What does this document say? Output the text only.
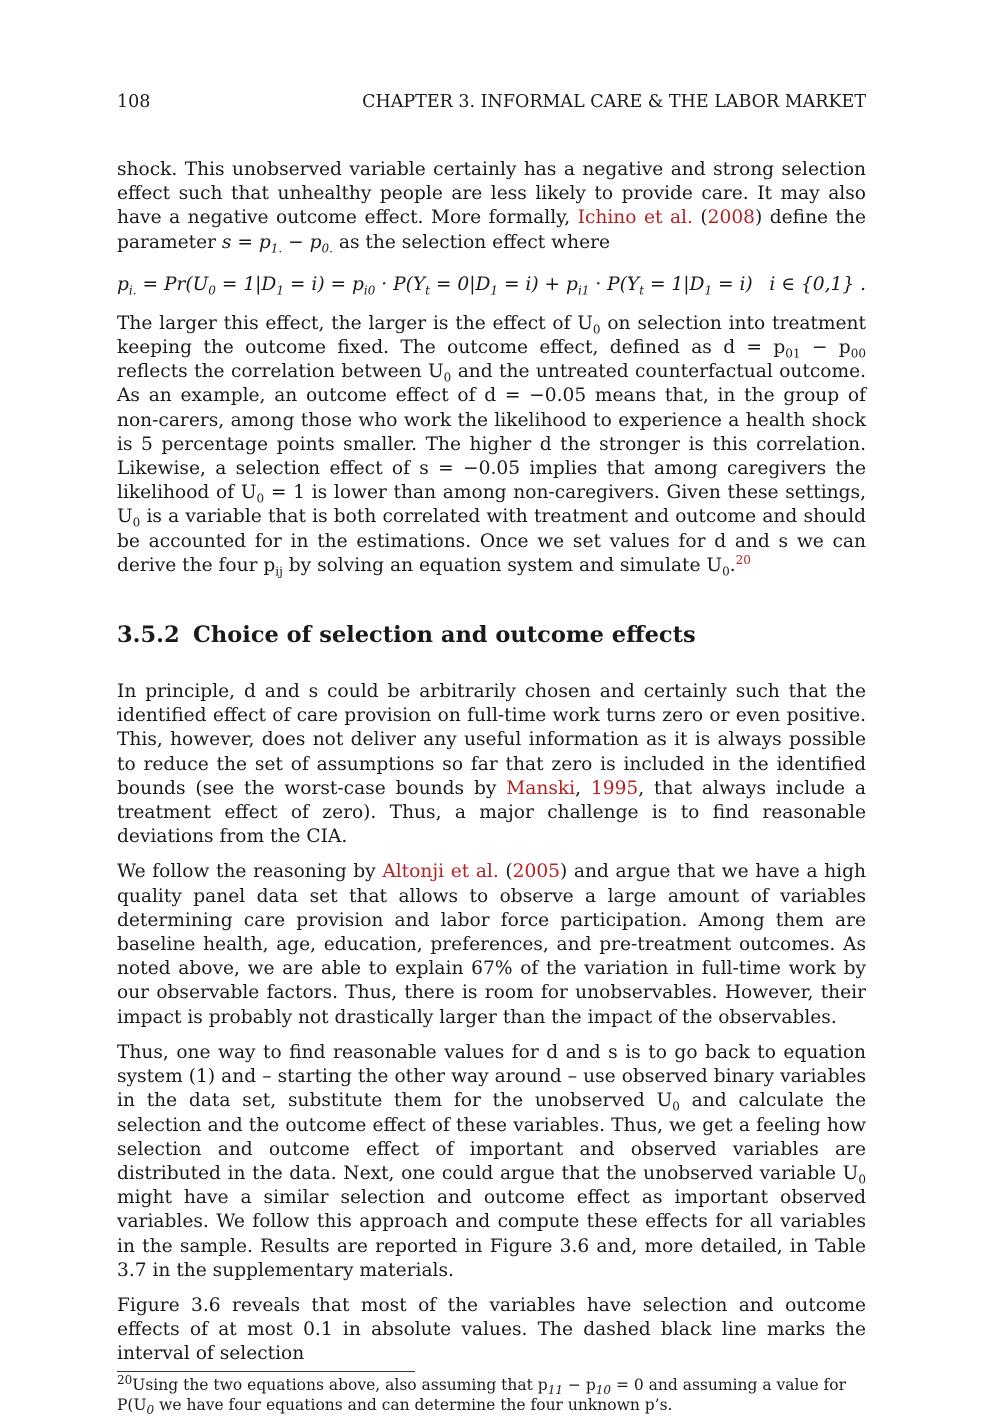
108	CHAPTER 3. INFORMAL CARE & THE LABOR MARKET

shock. This unobserved variable certainly has a negative and strong selection effect such that unhealthy people are less likely to provide care. It may also have a negative outcome effect. More formally, Ichino et al. (2008) define the parameter $s = p_{1.} - p_{0.}$ as the selection effect where

$p_{i.} = Pr(U_0 = 1|D_1 = i) = p_{i0} \cdot P(Y_t = 0|D_1 = i) + p_{i1} \cdot P(Y_t = 1|D_1 = i)$ i ∈ {0,1} .

The larger this effect, the larger is the effect of $U_0$ on selection into treatment keeping the outcome fixed. The outcome effect, defined as $d = p_{01} - p_{00}$ reflects the correlation between $U_0$ and the untreated counterfactual outcome. As an example, an outcome effect of d = −0.05 means that, in the group of non-carers, among those who work the likelihood to experience a health shock is 5 percentage points smaller. The higher d the stronger is this correlation. Likewise, a selection effect of s = −0.05 implies that among caregivers the likelihood of $U_0 = 1$ is lower than among non-caregivers. Given these settings, $U_0$ is a variable that is both correlated with treatment and outcome and should be accounted for in the estimations. Once we set values for d and s we can derive the four $p_{ij}$ by solving an equation system and simulate $U_0.^{20}$

3.5.2 Choice of selection and outcome effects

In principle, d and s could be arbitrarily chosen and certainly such that the identified effect of care provision on full-time work turns zero or even positive. This, however, does not deliver any useful information as it is always possible to reduce the set of assumptions so far that zero is included in the identified bounds (see the worst-case bounds by Manski, 1995, that always include a treatment effect of zero). Thus, a major challenge is to find reasonable deviations from the CIA.

We follow the reasoning by Altonji et al. (2005) and argue that we have a high quality panel data set that allows to observe a large amount of variables determining care provision and labor force participation. Among them are baseline health, age, education, preferences, and pre-treatment outcomes. As noted above, we are able to explain 67% of the variation in full-time work by our observable factors. Thus, there is room for unobservables. However, their impact is probably not drastically larger than the impact of the observables.

Thus, one way to find reasonable values for d and s is to go back to equation system (1) and – starting the other way around – use observed binary variables in the data set, substitute them for the unobserved $U_0$ and calculate the selection and the outcome effect of these variables. Thus, we get a feeling how selection and outcome effect of important and observed variables are distributed in the data. Next, one could argue that the unobserved variable $U_0$ might have a similar selection and outcome effect as important observed variables. We follow this approach and compute these effects for all variables in the sample. Results are reported in Figure 3.6 and, more detailed, in Table 3.7 in the supplementary materials.

Figure 3.6 reveals that most of the variables have selection and outcome effects of at most 0.1 in absolute values. The dashed black line marks the interval of selection

$^{20}$Using the two equations above, also assuming that $p_{11} - p_{10} = 0$ and assuming a value for $P(U_0$ we have four equations and can determine the four unknown p’s.
